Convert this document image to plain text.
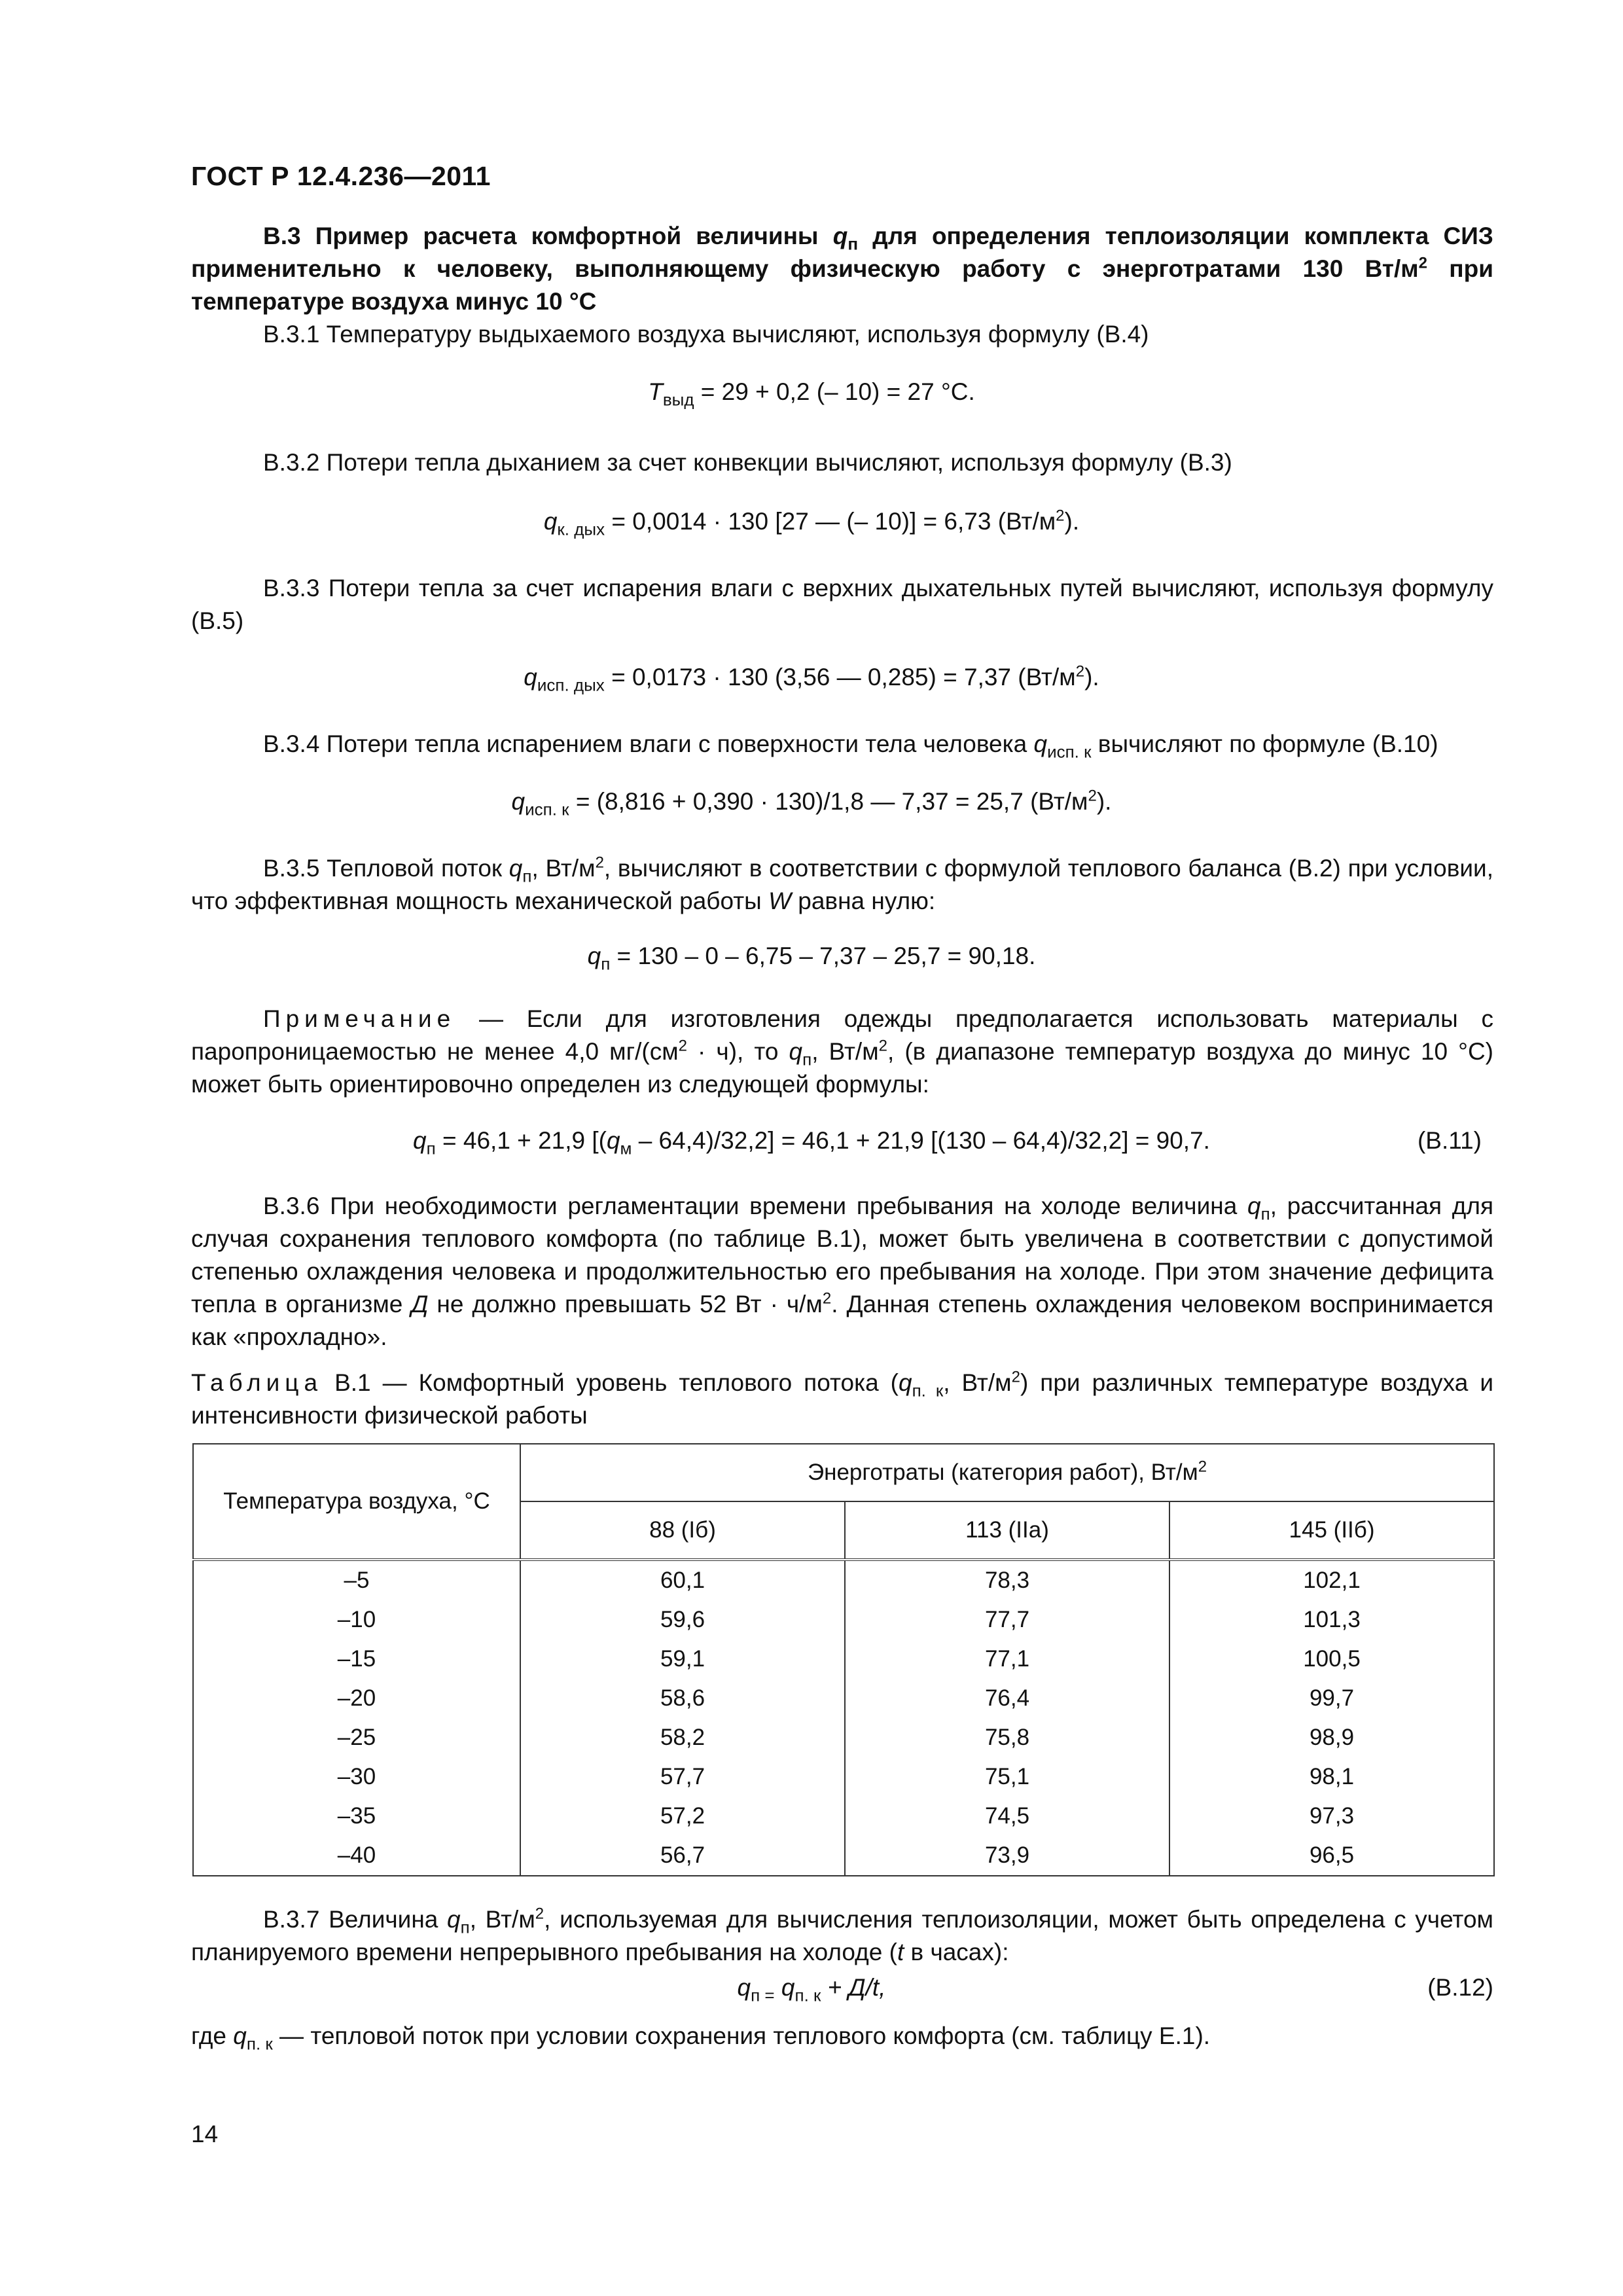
ГОСТ Р 12.4.236—2011
В.3 Пример расчета комфортной величины $q_п$ для определения теплоизоляции комплекта СИЗ применительно к человеку, выполняющему физическую работу с энерготратами 130 $Вт/м^2$ при температуре воздуха минус 10 °С
В.3.1 Температуру выдыхаемого воздуха вычисляют, используя формулу (В.4)
$T_{выд} = 29 + 0,2$ (– 10) = 27 °С.
В.3.2 Потери тепла дыханием за счет конвекции вычисляют, используя формулу (В.3)
$q_{к. дых} = 0,0014 \cdot 130$ [27 — (– 10)] = 6,73 $(Вт/м^2)$.
В.3.3 Потери тепла за счет испарения влаги с верхних дыхательных путей вычисляют, используя формулу (В.5)
$q_{исп. дых} = 0,0173 \cdot 130$ (3,56 — 0,285) = 7,37 $(Вт/м^2)$.
В.3.4 Потери тепла испарением влаги с поверхности тела человека $q_{исп. к}$ вычисляют по формуле (В.10)
$q_{исп. к} = (8,816 + 0,390 \cdot 130)/1,8$ — 7,37 = 25,7 $(Вт/м^2)$.
В.3.5 Тепловой поток $q_п$, $Вт/м^2$, вычисляют в соответствии с формулой теплового баланса (В.2) при условии, что эффективная мощность механической работы W равна нулю:
$q_п = 130 - 0 - 6,75 - 7,37 - 25,7 = 90,18$.
Примечание — Если для изготовления одежды предполагается использовать материалы с паропроницаемостью не менее 4,0 $мг/(см^2 \cdot ч)$, то $q_п$, $Вт/м^2$, (в диапазоне температур воздуха до минус 10 °С) может быть ориентировочно определен из следующей формулы:
$q_п = 46,1 + 21,9$ $[(q_м - 64,4)/32,2] = 46,1 + 21,9$ [(130 – 64,4)/32,2] = 90,7.	(В.11)
В.3.6 При необходимости регламентации времени пребывания на холоде величина $q_п$, рассчитанная для случая сохранения теплового комфорта (по таблице В.1), может быть увеличена в соответствии с допустимой степенью охлаждения человека и продолжительностью его пребывания на холоде. При этом значение дефицита тепла в организме Д не должно превышать 52 Вт · $ч/м^2$. Данная степень охлаждения человеком воспринимается как «прохладно».
Таблица В.1 — Комфортный уровень теплового потока ($q_{п. к}$, $Вт/м^2$) при различных температуре воздуха и интенсивности физической работы
Температура воздуха, °С	Энерготраты (категория работ), $Вт/м^2$
	88 (Iб)	113 (IIа)	145 (IIб)
–5	60,1	78,3	102,1
–10	59,6	77,7	101,3
–15	59,1	77,1	100,5
–20	58,6	76,4	99,7
–25	58,2	75,8	98,9
–30	57,7	75,1	98,1
–35	57,2	74,5	97,3
–40	56,7	73,9	96,5
В.3.7 Величина $q_п$, $Вт/м^2$, используемая для вычисления теплоизоляции, может быть определена с учетом планируемого времени непрерывного пребывания на холоде (t в часах):
$q_{п =}$ $q_{п. к} + Д/t$,	(В.12)
где $q_{п. к}$ — тепловой поток при условии сохранения теплового комфорта (см. таблицу Е.1).
14
